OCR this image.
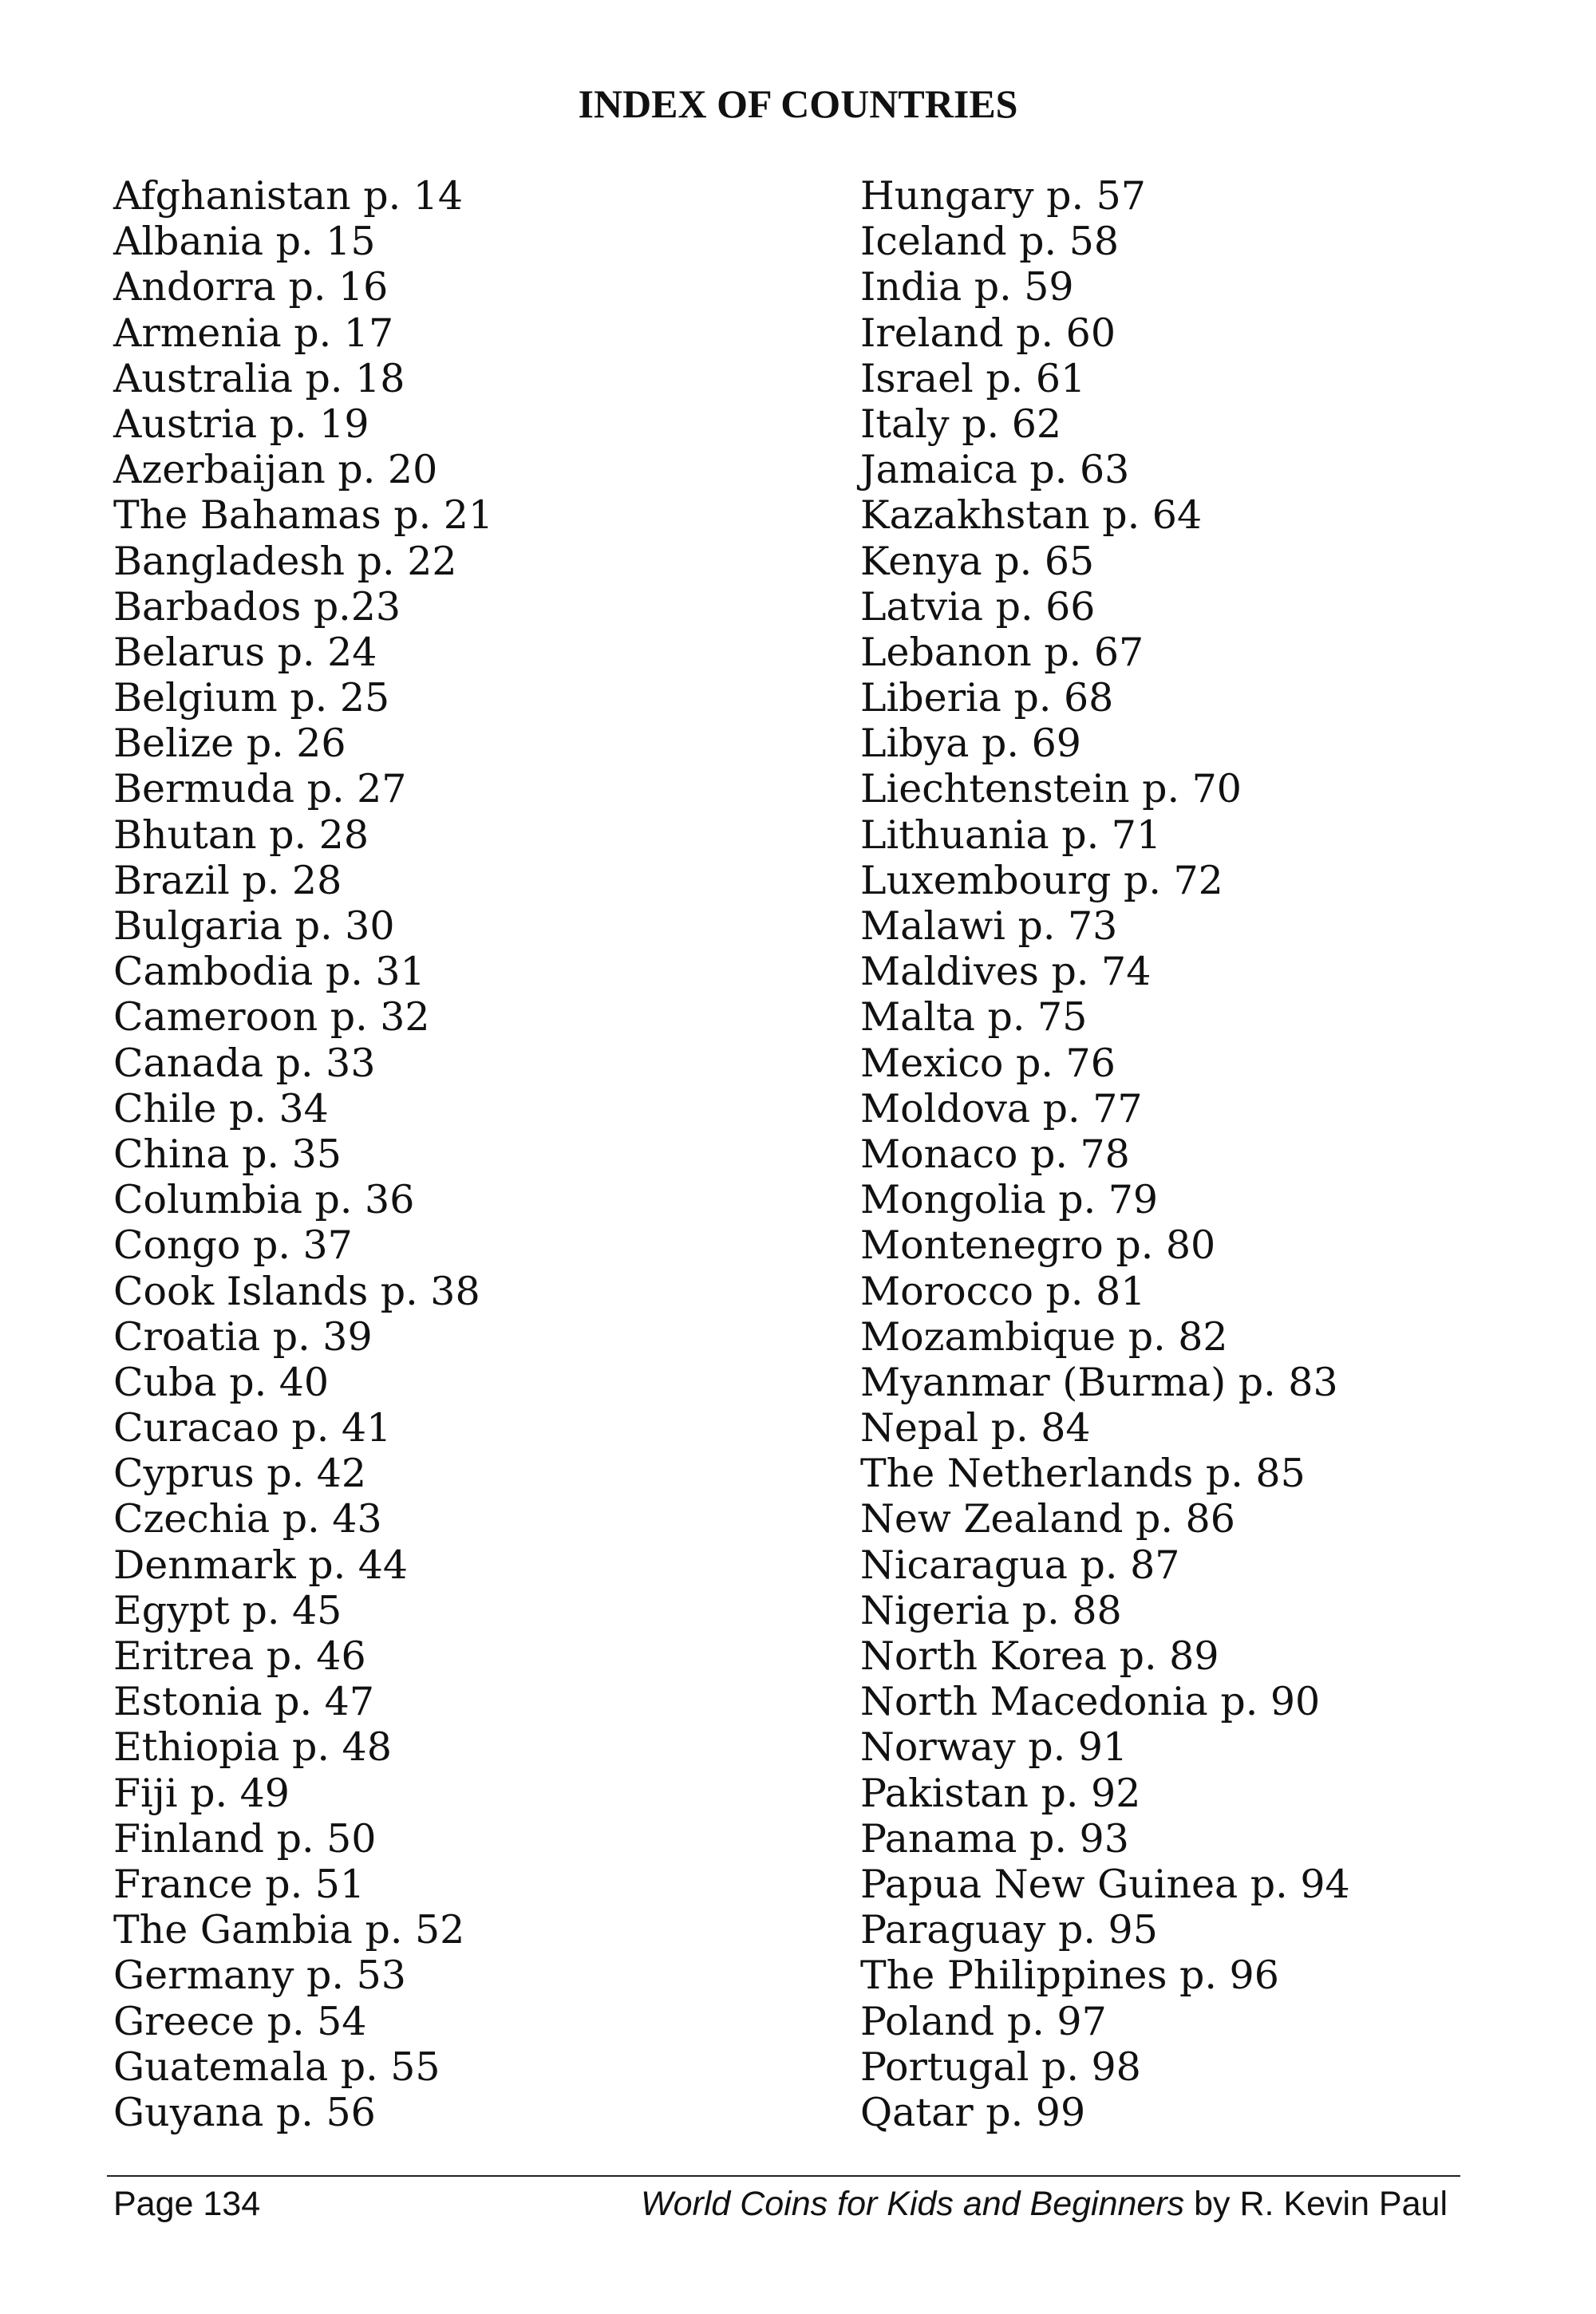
INDEX OF COUNTRIES
Afghanistan p. 14
Albania p. 15
Andorra p. 16
Armenia p. 17
Australia p. 18
Austria p. 19
Azerbaijan p. 20
The Bahamas p. 21
Bangladesh p. 22
Barbados p.23
Belarus p. 24
Belgium p. 25
Belize p. 26
Bermuda p. 27
Bhutan p. 28
Brazil p. 28
Bulgaria p. 30
Cambodia p. 31
Cameroon p. 32
Canada p. 33
Chile p. 34
China p. 35
Columbia p. 36
Congo p. 37
Cook Islands p. 38
Croatia p. 39
Cuba p. 40
Curacao p. 41
Cyprus p. 42
Czechia p. 43
Denmark p. 44
Egypt p. 45
Eritrea p. 46
Estonia p. 47
Ethiopia p. 48
Fiji p. 49
Finland p. 50
France p. 51
The Gambia p. 52
Germany p. 53
Greece p. 54
Guatemala p. 55
Guyana p. 56
Hungary p. 57
Iceland p. 58
India p. 59
Ireland p. 60
Israel p. 61
Italy p. 62
Jamaica p. 63
Kazakhstan p. 64
Kenya p. 65
Latvia p. 66
Lebanon p. 67
Liberia p. 68
Libya p. 69
Liechtenstein p. 70
Lithuania p. 71
Luxembourg p. 72
Malawi p. 73
Maldives p. 74
Malta p. 75
Mexico p. 76
Moldova p. 77
Monaco p. 78
Mongolia p. 79
Montenegro p. 80
Morocco p. 81
Mozambique p. 82
Myanmar (Burma) p. 83
Nepal p. 84
The Netherlands p. 85
New Zealand p. 86
Nicaragua p. 87
Nigeria p. 88
North Korea p. 89
North Macedonia p. 90
Norway p. 91
Pakistan p. 92
Panama p. 93
Papua New Guinea p. 94
Paraguay p. 95
The Philippines p. 96
Poland p. 97
Portugal p. 98
Qatar p. 99
Page 134	World Coins for Kids and Beginners by R. Kevin Paul
